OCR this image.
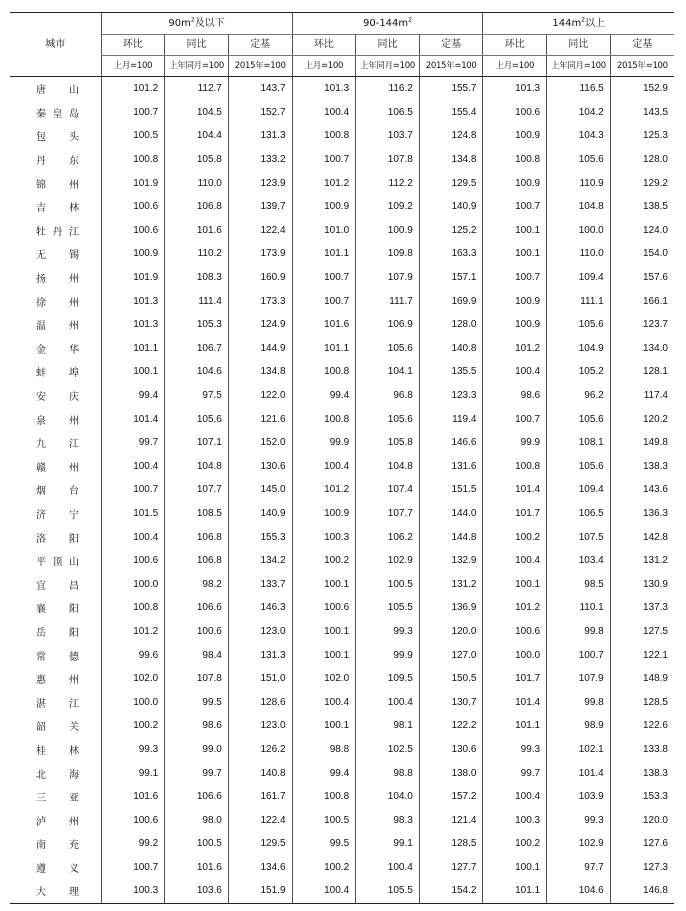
城市	$90m^2$及以下			$90-144m^2$			$144m^2$以上		
	环比	同比	定基	环比	同比	定基	环比	同比	定基
	上月=100	上年同月=100	2015年=100	上月=100	上年同月=100	2015年=100	上月=100	上年同月=100	2015年=100

唐 山	101.2	112.7	143.7	101.3	116.2	155.7	101.3	116.5	152.9

秦 皇 岛	100.7	104.5	152.7	100.4	106.5	155.4	100.6	104.2	143.5

包 头	100.5	104.4	131.3	100.8	103.7	124.8	100.9	104.3	125.3

丹 东	100.8	105.8	133.2	100.7	107.8	134.8	100.8	105.6	128.0

锦 州	101.9	110.0	123.9	101.2	112.2	129.5	100.9	110.9	129.2

吉 林	100.6	106.8	139.7	100.9	109.2	140.9	100.7	104.8	138.5

牡 丹 江	100.6	101.6	122.4	101.0	100.9	125.2	100.1	100.0	124.0

无 锡	100.9	110.2	173.9	101.1	109.8	163.3	100.1	110.0	154.0

扬 州	101.9	108.3	160.9	100.7	107.9	157.1	100.7	109.4	157.6

徐 州	101.3	111.4	173.3	100.7	111.7	169.9	100.9	111.1	166.1

温 州	101.3	105.3	124.9	101.6	106.9	128.0	100.9	105.6	123.7

金 华	101.1	106.7	144.9	101.1	105.6	140.8	101.2	104.9	134.0

蚌 埠	100.1	104.6	134.8	100.8	104.1	135.5	100.4	105.2	128.1

安 庆	99.4	97.5	122.0	99.4	96.8	123.3	98.6	96.2	117.4

泉 州	101.4	105.6	121.6	100.8	105.6	119.4	100.7	105.6	120.2

九 江	99.7	107.1	152.0	99.9	105.8	146.6	99.9	108.1	149.8

赣 州	100.4	104.8	130.6	100.4	104.8	131.6	100.8	105.6	138.3

烟 台	100.7	107.7	145.0	101.2	107.4	151.5	101.4	109.4	143.6

济 宁	101.5	108.5	140.9	100.9	107.7	144.0	101.7	106.5	136.3

洛 阳	100.4	106.8	155.3	100.3	106.2	144.8	100.2	107.5	142.8

平 顶 山	100.6	106.8	134.2	100.2	102.9	132.9	100.4	103.4	131.2

宜 昌	100.0	98.2	133.7	100.1	100.5	131.2	100.1	98.5	130.9

襄 阳	100.8	106.6	146.3	100.6	105.5	136.9	101.2	110.1	137.3

岳 阳	101.2	100.6	123.0	100.1	99.3	120.0	100.6	99.8	127.5

常 德	99.6	98.4	131.3	100.1	99.9	127.0	100.0	100.7	122.1

惠 州	102.0	107.8	151.0	102.0	109.5	150.5	101.7	107.9	148.9

湛 江	100.0	99.5	128.6	100.4	100.4	130.7	101.4	99.8	128.5

韶 关	100.2	98.6	123.0	100.1	98.1	122.2	101.1	98.9	122.6

桂 林	99.3	99.0	126.2	98.8	102.5	130.6	99.3	102.1	133.8

北 海	99.1	99.7	140.8	99.4	98.8	138.0	99.7	101.4	138.3

三 亚	101.6	106.6	161.7	100.8	104.0	157.2	100.4	103.9	153.3

泸 州	100.6	98.0	122.4	100.5	98.3	121.4	100.3	99.3	120.0

南 充	99.2	100.5	129.5	99.5	99.1	128.5	100.2	102.9	127.6

遵 义	100.7	101.6	134.6	100.2	100.4	127.7	100.1	97.7	127.3

大 理	100.3	103.6	151.9	100.4	105.5	154.2	101.1	104.6	146.8
